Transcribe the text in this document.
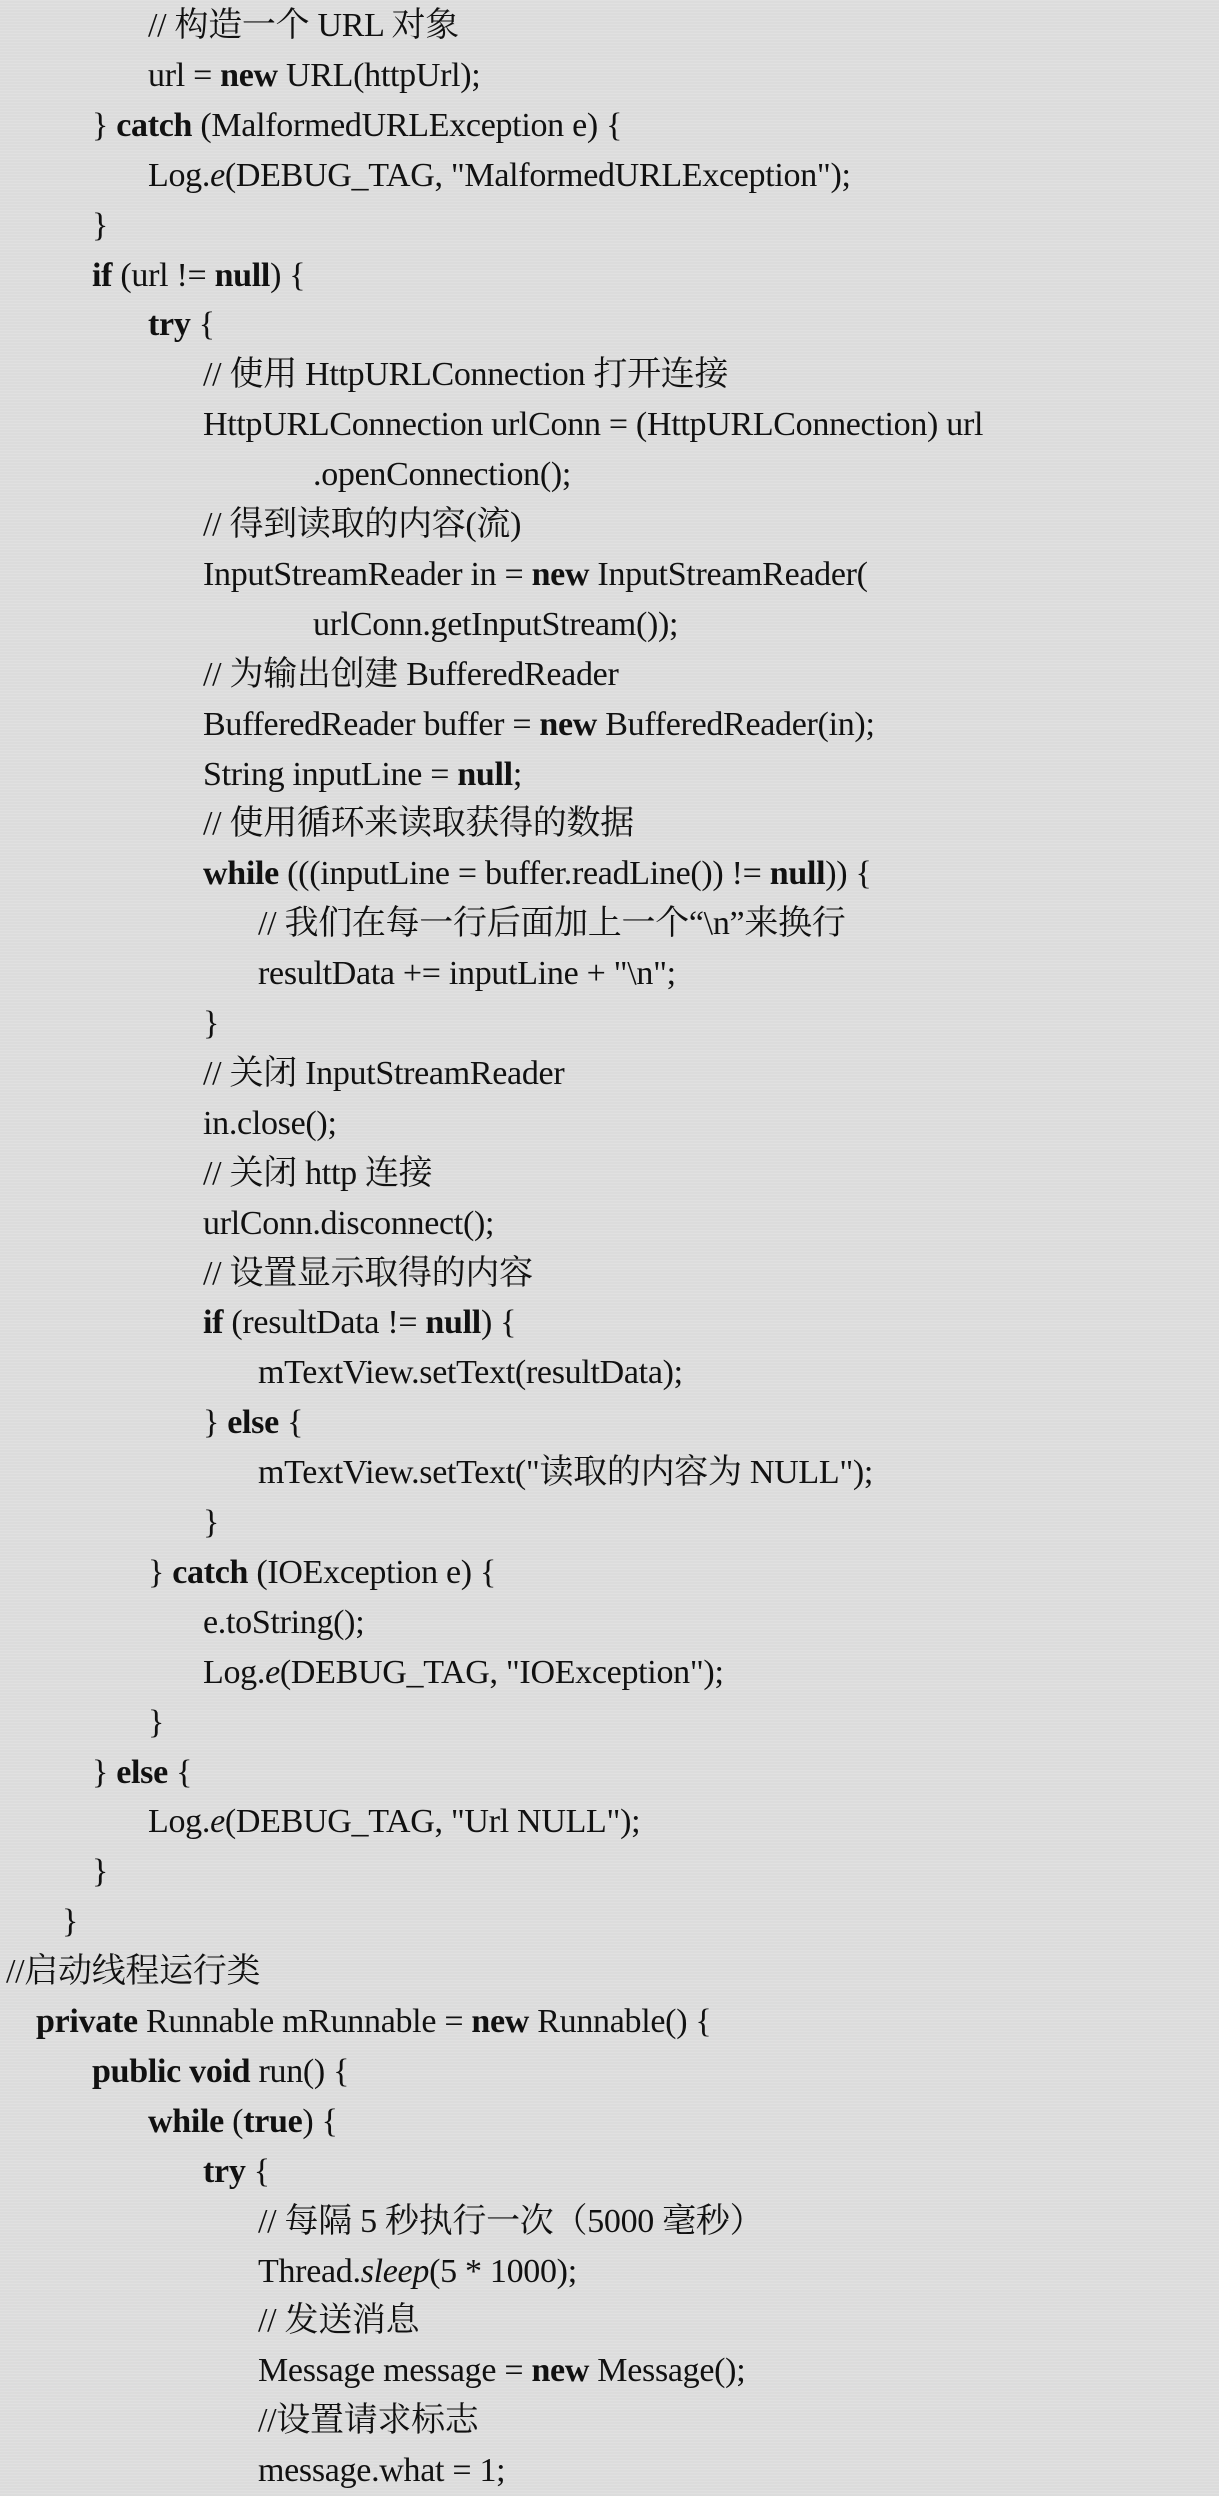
// 构造一个 URL 对象
url = new URL(httpUrl);
} catch (MalformedURLException e) {
Log.e(DEBUG_TAG, "MalformedURLException");
}
if (url != null) {
try {
// 使用 HttpURLConnection 打开连接
HttpURLConnection urlConn = (HttpURLConnection) url
.openConnection();
// 得到读取的内容(流)
InputStreamReader in = new InputStreamReader(
urlConn.getInputStream());
// 为输出创建 BufferedReader
BufferedReader buffer = new BufferedReader(in);
String inputLine = null;
// 使用循环来读取获得的数据
while (((inputLine = buffer.readLine()) != null)) {
// 我们在每一行后面加上一个“\n”来换行
resultData += inputLine + "\n";
}
// 关闭 InputStreamReader
in.close();
// 关闭 http 连接
urlConn.disconnect();
// 设置显示取得的内容
if (resultData != null) {
mTextView.setText(resultData);
} else {
mTextView.setText("读取的内容为 NULL");
}
} catch (IOException e) {
e.toString();
Log.e(DEBUG_TAG, "IOException");
}
} else {
Log.e(DEBUG_TAG, "Url NULL");
}
}
//启动线程运行类
private Runnable mRunnable = new Runnable() {
public void run() {
while (true) {
try {
// 每隔 5 秒执行一次（5000 毫秒）
Thread.sleep(5 * 1000);
// 发送消息
Message message = new Message();
//设置请求标志
message.what = 1;
